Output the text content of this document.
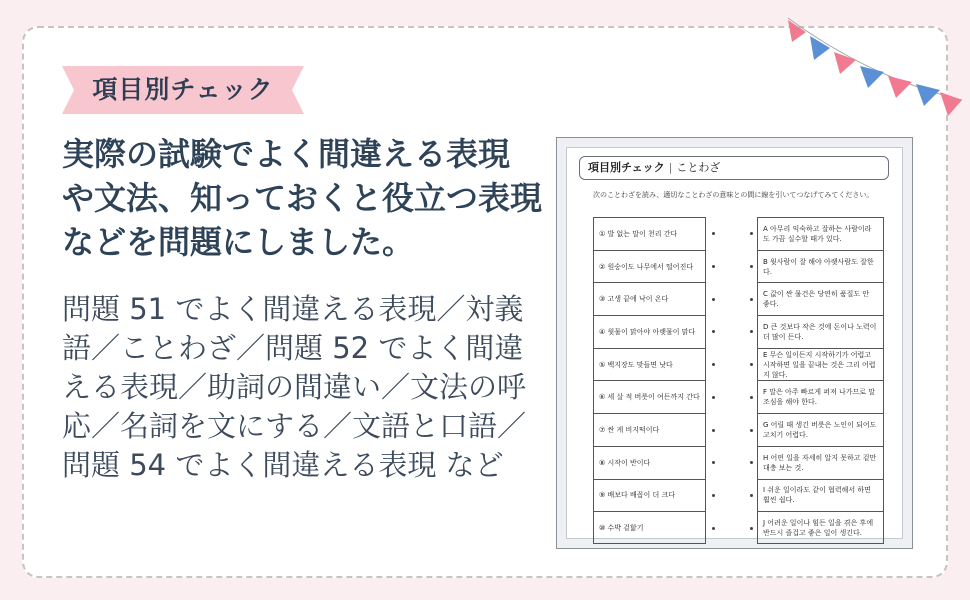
項目別チェック
実際の試験でよく間違える表現 や文法、知っておくと役立つ表現などを問題にしました。
問題 51 でよく間違える表現／対義語／ことわざ／問題 52 でよく間違える表現／助詞の間違い／文法の呼応／名詞を文にする／文語と口語／問題 54 でよく間違える表現 など
項目別チェック | ことわざ
次のことわざを読み、適切なことわざの意味との間に線を引いてつなげてみてください。
① 발 없는 말이 천리 간다
② 원숭이도 나무에서 떨어진다
③ 고생 끝에 낙이 온다
④ 윗물이 맑아야 아랫물이 맑다
⑤ 백지장도 맞들면 낫다
⑥ 세 살 적 버릇이 여든까지 간다
⑦ 싼 게 비지떡이다
⑧ 시작이 반이다
⑨ 배보다 배꼽이 더 크다
⑩ 수박 겉핥기
A 아무리 익숙하고 잘하는 사람이라도 가끔 실수할 때가 있다.
B 윗사람이 잘 해야 아랫사람도 잘한다.
C 값이 싼 물건은 당연히 품질도 안 좋다.
D 큰 것보다 작은 것에 돈이나 노력이 더 많이 든다.
E 무슨 일이든지 시작하기가 어렵고 시작하면 일을 끝내는 것은 그리 어렵지 않다.
F 말은 아주 빠르게 퍼져 나가므로 말조심을 해야 한다.
G 어릴 때 생긴 버릇은 노인이 되어도 고치기 어렵다.
H 어떤 일을 자세히 알지 못하고 겉만 대충 보는 것.
I 쉬운 일이라도 같이 협력해서 하면 훨씬 쉽다.
J 어려운 일이나 힘든 일을 겪은 후에 반드시 즐겁고 좋은 일이 생긴다.
